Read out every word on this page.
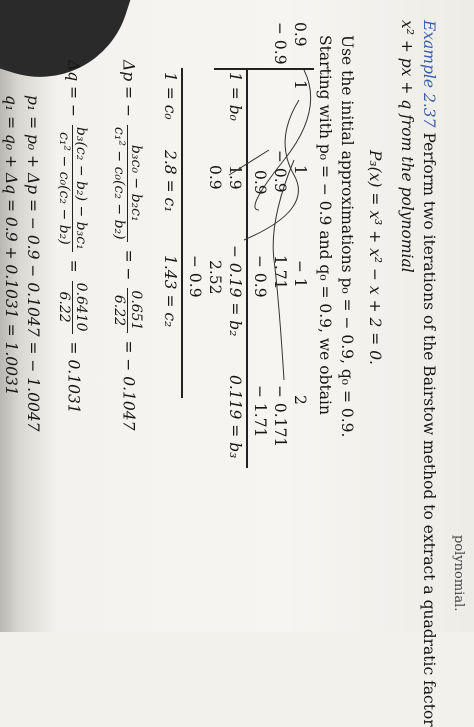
polynomial.
Example 2.37 Perform two iterations of the Bairstow method to extract a quadratic factor
x² + px + q from the polynomial
P₃(x) = x³ + x² − x + 2 = 0.
Use the initial approximations p₀ = − 0.9, q₀ = 0.9.
Starting with p₀ = − 0.9 and q₀ = 0.9, we obtain
0.9
− 0.9
1
1
− 1
2
− 0.9
1.71
− 0.171
0.9
− 0.9
− 1.71
1 = b₀
1.9
− 0.19 = b₂
0.119 = b₃
0.9
2.52
− 0.9
1 = c₀
2.8 = c₁
1.43 = c₂
Δp = −
b₃c₀ − b₂c₁
c₁² − c₀(c₂ − b₂)
= −
0.651
6.22
= − 0.1047
Δq = −
b₃(c₂ − b₂) − b₃c₁
c₁² − c₀(c₂ − b₂)
=
0.6410
6.22
= 0.1031
p₁ = p₀ + Δp = − 0.9 − 0.1047 = − 1.0047
q₁ = q₀ + Δq = 0.9 + 0.1031 = 1.0031
